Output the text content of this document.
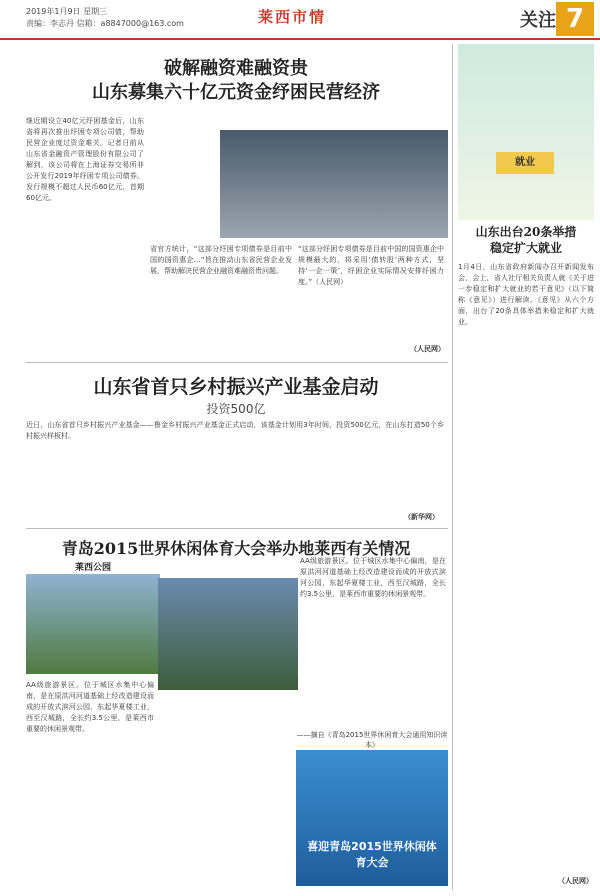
2019年1月9日 星期三
责编：李志丹 信箱：a8847000@163.com	莱西市情	关注 7
破解融资难融资贵
山东募集六十亿元资金纾困民营经济
继近期设立40亿元纾困基金后，山东省将再次推出纾困专项公司债，帮助民营企业度过资金难关。记者日前从山东省金融资产管理股份有限公司了解到，该公司将在上海证券交易所非公开发行2019年纾困专项公司债券。发行规模不超过人民币60亿元，首期60亿元。
省官方统计，“这部分纾困专项债券是目前中国的国资惠企…”旨在推动山东省民营企业发展，帮助解决民营企业融资难融资贵问题。
“这部分纾困专项债券是目前中国的国资惠企中规模最大的，将采用‘债转股’两种方式，坚持‘一企一策’，纾困企业实际情况安排纾困力度。”（人民网）
（人民网）
山东省首只乡村振兴产业基金启动
投资500亿
近日，山东省首只乡村振兴产业基金——鲁金乡村振兴产业基金正式启动，该基金计划用3年时间，投资500亿元，在山东打造50个乡村振兴样板村。
（新华网）
青岛2015世界休闲体育大会举办地莱西有关情况
莱西公园
AA级旅游景区。位于城区水集中心偏南，是在原洪河河道基础上经改造建设而成的开放式滨河公园，东起华夏楼工业，西至汉城路，全长约3.5公里，是莱西市重要的休闲景观带。
AA级旅游景区。位于城区水集中心偏南，是在原洪河河道基础上经改造建设而成的开放式滨河公园，东起华夏楼工业，西至汉城路，全长约3.5公里，是莱西市重要的休闲景观带。
——摘自《青岛2015世界休闲育大会通用知识读本》
喜迎青岛2015世界休闲体育大会
就业
山东出台20条举措
稳定扩大就业
1月4日，山东省政府新闻办召开新闻发布会，会上，省人社厅相关负责人就《关于进一步稳定和扩大就业的若干意见》（以下简称《意见》）进行解读。《意见》从六个方面，出台了20条具体举措来稳定和扩大就业。
（人民网）
